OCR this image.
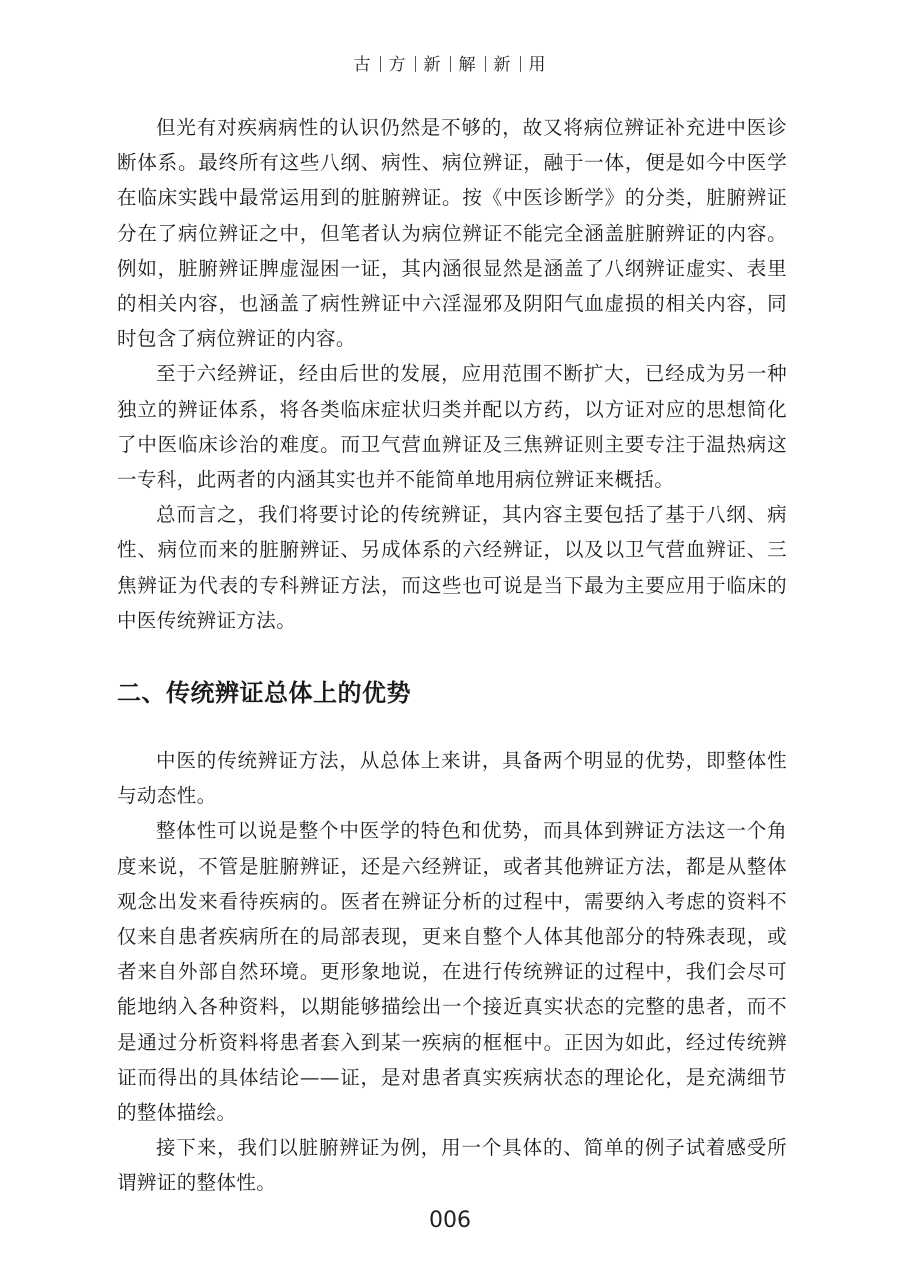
古 方 新 解 新 用

但光有对疾病病性的认识仍然是不够的，故又将病位辨证补充进中医诊断体系。最终所有这些八纲、病性、病位辨证，融于一体，便是如今中医学在临床实践中最常运用到的脏腑辨证。按《中医诊断学》的分类，脏腑辨证分在了病位辨证之中，但笔者认为病位辨证不能完全涵盖脏腑辨证的内容。例如，脏腑辨证脾虚湿困一证，其内涵很显然是涵盖了八纲辨证虚实、表里的相关内容，也涵盖了病性辨证中六淫湿邪及阴阳气血虚损的相关内容，同时包含了病位辨证的内容。

至于六经辨证，经由后世的发展，应用范围不断扩大，已经成为另一种独立的辨证体系，将各类临床症状归类并配以方药，以方证对应的思想简化了中医临床诊治的难度。而卫气营血辨证及三焦辨证则主要专注于温热病这一专科，此两者的内涵其实也并不能简单地用病位辨证来概括。

总而言之，我们将要讨论的传统辨证，其内容主要包括了基于八纲、病性、病位而来的脏腑辨证、另成体系的六经辨证，以及以卫气营血辨证、三焦辨证为代表的专科辨证方法，而这些也可说是当下最为主要应用于临床的中医传统辨证方法。

二、传统辨证总体上的优势

中医的传统辨证方法，从总体上来讲，具备两个明显的优势，即整体性与动态性。

整体性可以说是整个中医学的特色和优势，而具体到辨证方法这一个角度来说，不管是脏腑辨证，还是六经辨证，或者其他辨证方法，都是从整体观念出发来看待疾病的。医者在辨证分析的过程中，需要纳入考虑的资料不仅来自患者疾病所在的局部表现，更来自整个人体其他部分的特殊表现，或者来自外部自然环境。更形象地说，在进行传统辨证的过程中，我们会尽可能地纳入各种资料，以期能够描绘出一个接近真实状态的完整的患者，而不是通过分析资料将患者套入到某一疾病的框框中。正因为如此，经过传统辨证而得出的具体结论——证，是对患者真实疾病状态的理论化，是充满细节的整体描绘。

接下来，我们以脏腑辨证为例，用一个具体的、简单的例子试着感受所谓辨证的整体性。

006
